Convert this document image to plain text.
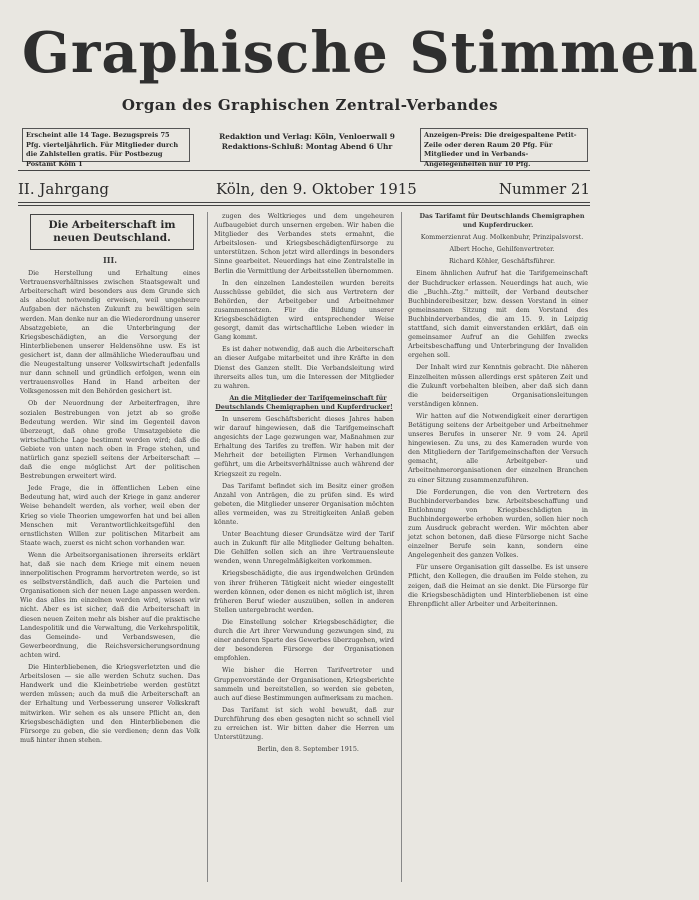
Graphische Stimmen
Organ des Graphischen Zentral-Verbandes
Erscheint alle 14 Tage. Bezugspreis 75 Pfg. vierteljährlich. Für Mitglieder durch die Zahlstellen gratis. Für Postbezug Postamt Köln 1
Redaktion und Verlag: Köln, Venloerwall 9
Redaktions-Schluß: Montag Abend 6 Uhr
Anzeigen-Preis: Die dreigespaltene Petit-Zeile oder deren Raum 20 Pfg. Für Mitglieder und in Verbands-Angelegenheiten nur 10 Pfg.
II. Jahrgang	Köln, den 9. Oktober 1915	Nummer 21
Die Arbeiterschaft im neuen Deutschland.
III.

Die Herstellung und Erhaltung eines Vertrauensverhältnisses zwischen Staatsgewalt und Arbeiterschaft wird besonders aus dem Grunde sich als absolut notwendig erweisen, weil ungeheure Aufgaben der nächsten Zukunft zu bewältigen sein werden. Man denke nur an die Wiederordnung unserer Absatzgebiete, an die Unterbringung der Kriegsbeschädigten, an die Versorgung der Hinterbliebenen unserer Heldensöhne usw. Es ist gesichert ist, dann der allmähliche Wiederaufbau und die Neugestaltung unserer Volkswirtschaft jedenfalls nur dann schnell und gründlich erfolgen, wenn ein vertrauensvolles Hand in Hand arbeiten der Volksgenossen mit den Behörden gesichert ist.

Ob der Neuordnung der Arbeiterfragen, ihre sozialen Bestrebungen von jetzt ab so große Bedeutung werden. Wir sind im Gegenteil davon überzeugt, daß ohne große Umsatzgebiete die wirtschaftliche Lage bestimmt werden wird; daß die Gebiete von unten nach oben in Frage stehen, und natürlich ganz speziell seitens der Arbeiterschaft — daß die enge möglichst Art der politischen Bestrebungen erweitert wird.

Jede Frage, die in öffentlichen Leben eine Bedeutung hat, wird auch der Kriege in ganz anderer Weise behandelt werden, als vorher, weil eben der Krieg so viele Theorien umgeworfen hat und bei allen Menschen mit Verantwortlichkeitsgefühl den ernstlichsten Willen zur politischen Mitarbeit am Staate wach, zuerst es nicht schon vorhanden war.

Wenn die Arbeitsorganisationen ihrerseits erklärt hat, daß sie nach dem Kriege mit einem neuen innerpolitischen Programm hervortreten werde, so ist es selbstverständlich, daß auch die Parteien und Organisationen sich der neuen Lage anpassen werden. Wie das alles im einzelnen werden wird, wissen wir nicht. Aber es ist sicher, daß die Arbeiterschaft in diesen neuen Zeiten mehr als bisher auf die praktische Landespolitik und die Verwaltung, die Verkehrspolitik, das Gemeinde- und Verbandswesen, die Gewerbeordnung, die Reichsversicherungsordnung achten wird.

Die Hinterbliebenen, die Kriegsverletzten und die Arbeitslosen — sie alle werden Schutz suchen. Das Handwerk und die Kleinbetriebe werden gestützt werden müssen; auch da muß die Arbeiterschaft an der Erhaltung und Verbesserung unserer Volkskraft mitwirken. Wir sehen es als unsere Pflicht an, den Kriegsbeschädigten und den Hinterbliebenen die Fürsorge zu geben, die sie verdienen; denn das Volk muß hinter ihnen stehen.

zugen des Weltkrieges und dem ungeheuren Aufbaugebiet durch unsernen ergeben. Wir haben die Mitglieder des Verbandes stets ermahnt, die Arbeitslosen- und Kriegsbeschädigtenfürsorge zu unterstützen. Schon jetzt wird allerdings in besonders Sinne gearbeitet. Neuerdings hat eine Zentralstelle in Berlin die Vermittlung der Arbeitsstellen übernommen.

In den einzelnen Landesteilen wurden bereits Ausschüsse gebildet, die sich aus Vertretern der Behörden, der Arbeitgeber und Arbeitnehmer zusammensetzen. Für die Bildung unserer Kriegsbeschädigten wird entsprechender Weise gesorgt, damit das wirtschaftliche Leben wieder in Gang kommt.

Es ist daher notwendig, daß auch die Arbeiterschaft an dieser Aufgabe mitarbeitet und ihre Kräfte in den Dienst des Ganzen stellt. Die Verbandsleitung wird ihrerseits alles tun, um die Interessen der Mitglieder zu wahren.

An die Mitglieder der Tarifgemeinschaft für Deutschlands Chemigraphen und Kupferdrucker!

In unserem Geschäftsbericht dieses Jahres haben wir darauf hingewiesen, daß die Tarifgemeinschaft angesichts der Lage gezwungen war, Maßnahmen zur Erhaltung des Tarifes zu treffen. Wir haben mit der Mehrheit der beteiligten Firmen Verhandlungen geführt, um die Arbeitsverhältnisse auch während der Kriegszeit zu regeln.

Das Tarifamt befindet sich im Besitz einer großen Anzahl von Anträgen, die zu prüfen sind. Es wird gebeten, die Mitglieder unserer Organisation möchten alles vermeiden, was zu Streitigkeiten Anlaß geben könnte.

Unter Beachtung dieser Grundsätze wird der Tarif auch in Zukunft für alle Mitglieder Geltung behalten. Die Gehilfen sollen sich an ihre Vertrauensleute wenden, wenn Unregelmäßigkeiten vorkommen.

Kriegsbeschädigte, die aus irgendwelchen Gründen von ihrer früheren Tätigkeit nicht wieder eingestellt werden können, oder denen es nicht möglich ist, ihren früheren Beruf wieder auszuüben, sollen in anderen Stellen untergebracht werden.

Die Einstellung solcher Kriegsbeschädigter, die durch die Art ihrer Verwundung gezwungen sind, zu einer anderen Sparte des Gewerbes überzugehen, wird der besonderen Fürsorge der Organisationen empfohlen.

Wie bisher die Herren Tarifvertreter und Gruppenvorstände der Organisationen, Kriegsberichte sammeln und bereitstellen, so werden sie gebeten, auch auf diese Bestimmungen aufmerksam zu machen.

Das Tarifamt ist sich wohl bewußt, daß zur Durchführung des eben gesagten nicht so schnell viel zu erreichen ist. Wir bitten daher die Herren um Unterstützung.

Berlin, den 8. September 1915.

Das Tarifamt für Deutschlands Chemigraphen und Kupferdrucker.

Kommerzienrat Aug. Molkenbuhr, Prinzipalsvorst.

Albert Hoche, Gehilfenvertreter.

Richard Köhler, Geschäftsführer.

Einem ähnlichen Aufruf hat die Tarifgemeinschaft der Buchdrucker erlassen. Neuerdings hat auch, wie die „Buchh.-Ztg." mitteilt, der Verband deutscher Buchbindereibesitzer, bzw. dessen Vorstand in einer gemeinsamen Sitzung mit dem Vorstand des Buchbinderverbandes, die am 15. 9. in Leipzig stattfand, sich damit einverstanden erklärt, daß ein gemeinsamer Aufruf an die Gehilfen zwecks Arbeitsbeschaffung und Unterbringung der Invaliden ergehen soll.

Der Inhalt wird zur Kenntnis gebracht. Die näheren Einzelheiten müssen allerdings erst späteren Zeit und die Zukunft vorbehalten bleiben, aber daß sich dann die beiderseitigen Organisationsleitungen verständigen können.

Wir hatten auf die Notwendigkeit einer derartigen Betätigung seitens der Arbeitgeber und Arbeitnehmer unseres Berufes in unserer Nr. 9 vom 24. April hingewiesen. Zu uns, zu des Kameraden wurde von den Mitgliedern der Tarifgemeinschaften der Versuch gemacht, alle Arbeitgeber- und Arbeitnehmerorganisationen der einzelnen Branchen zu einer Sitzung zusammenzuführen.

Die Forderungen, die von den Vertretern des Buchbinderverbandes bzw. Arbeitsbeschaffung und Entlohnung von Kriegsbeschädigten in Buchbindergewerbe erhoben wurden, sollen hier noch zum Ausdruck gebracht werden. Wir möchten aber jetzt schon betonen, daß diese Fürsorge nicht Sache einzelner Berufe sein kann, sondern eine Angelegenheit des ganzen Volkes.

Für unsere Organisation gilt dasselbe. Es ist unsere Pflicht, den Kollegen, die draußen im Felde stehen, zu zeigen, daß die Heimat an sie denkt. Die Fürsorge für die Kriegsbeschädigten und Hinterbliebenen ist eine Ehrenpflicht aller Arbeiter und Arbeiterinnen.
